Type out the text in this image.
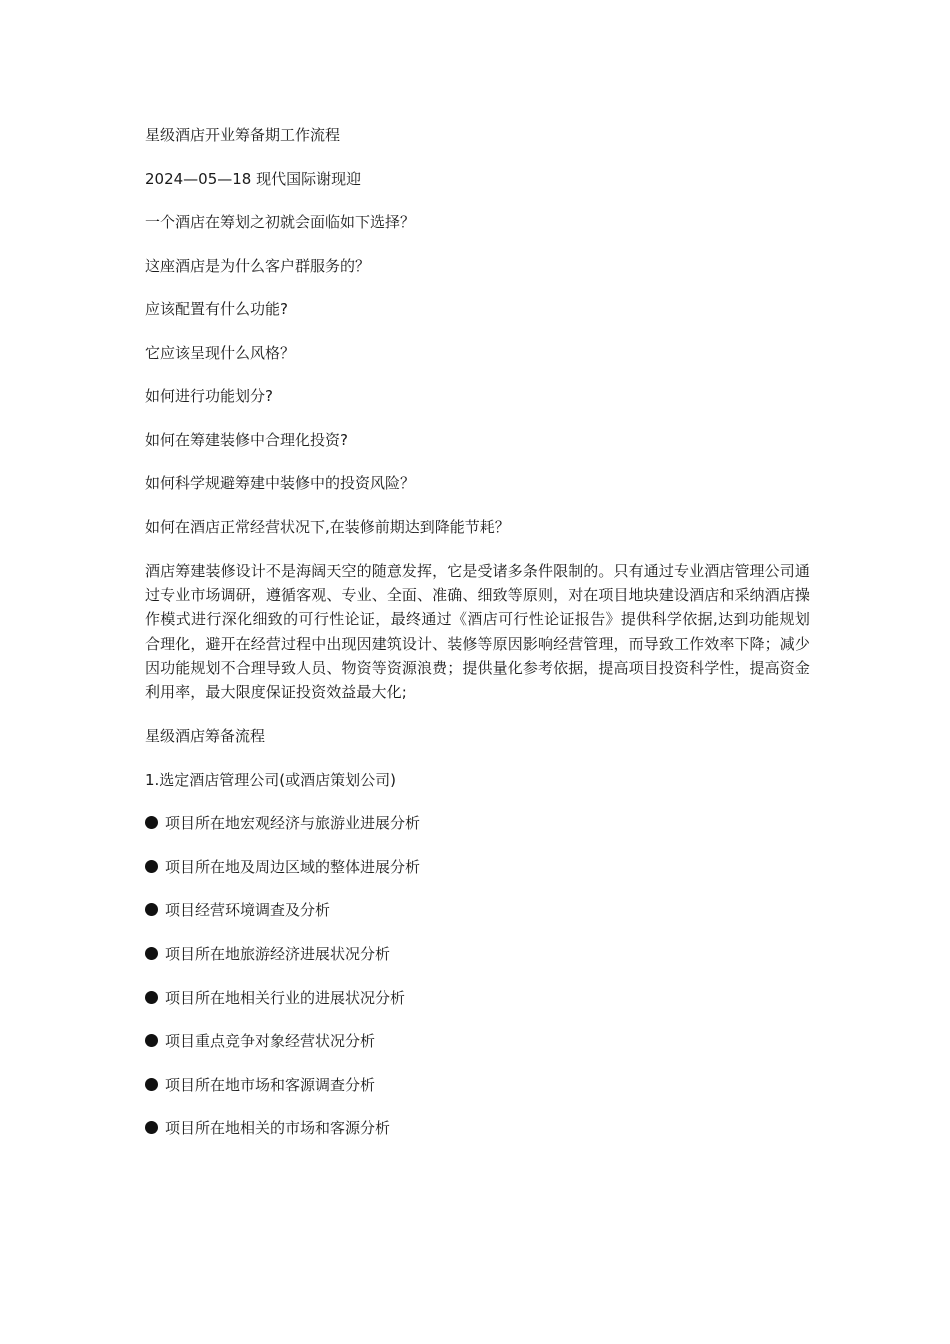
星级酒店开业筹备期工作流程
2024—05—18 现代国际谢现迎
一个酒店在筹划之初就会面临如下选择？
这座酒店是为什么客户群服务的？
应该配置有什么功能?
它应该呈现什么风格？
如何进行功能划分?
如何在筹建装修中合理化投资?
如何科学规避筹建中装修中的投资风险？
如何在酒店正常经营状况下,在装修前期达到降能节耗？

酒店筹建装修设计不是海阔天空的随意发挥，它是受诸多条件限制的。只有通过专业酒店管理公司通过专业市场调研，遵循客观、专业、全面、准确、细致等原则，对在项目地块建设酒店和采纳酒店操作模式进行深化细致的可行性论证，最终通过《酒店可行性论证报告》提供科学依据,达到功能规划合理化，避开在经营过程中出现因建筑设计、装修等原因影响经营管理，而导致工作效率下降；减少因功能规划不合理导致人员、物资等资源浪费；提供量化参考依据，提高项目投资科学性，提高资金利用率，最大限度保证投资效益最大化;

星级酒店筹备流程
1.选定酒店管理公司(或酒店策划公司)
项目所在地宏观经济与旅游业进展分析
项目所在地及周边区域的整体进展分析
项目经营环境调查及分析
项目所在地旅游经济进展状况分析
项目所在地相关行业的进展状况分析
项目重点竞争对象经营状况分析
项目所在地市场和客源调查分析
项目所在地相关的市场和客源分析
